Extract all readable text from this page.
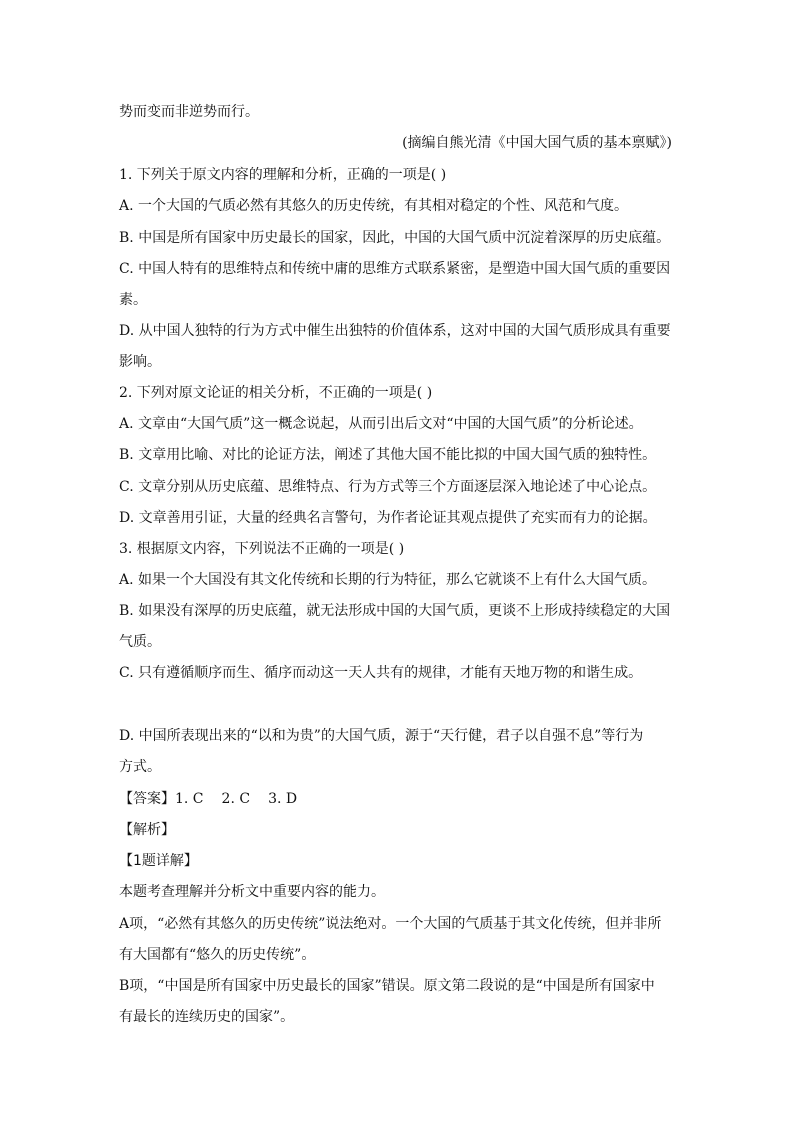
势而变而非逆势而行。
(摘编自熊光清《中国大国气质的基本禀赋》)
1. 下列关于原文内容的理解和分析，正确的一项是( )
A. 一个大国的气质必然有其悠久的历史传统，有其相对稳定的个性、风范和气度。
B. 中国是所有国家中历史最长的国家，因此，中国的大国气质中沉淀着深厚的历史底蕴。
C. 中国人特有的思维特点和传统中庸的思维方式联系紧密，是塑造中国大国气质的重要因
素。
D. 从中国人独特的行为方式中催生出独特的价值体系，这对中国的大国气质形成具有重要
影响。
2. 下列对原文论证的相关分析，不正确的一项是( )
A. 文章由“大国气质”这一概念说起，从而引出后文对“中国的大国气质”的分析论述。
B. 文章用比喻、对比的论证方法，阐述了其他大国不能比拟的中国大国气质的独特性。
C. 文章分别从历史底蕴、思维特点、行为方式等三个方面逐层深入地论述了中心论点。
D. 文章善用引证，大量的经典名言警句，为作者论证其观点提供了充实而有力的论据。
3. 根据原文内容，下列说法不正确的一项是( )
A. 如果一个大国没有其文化传统和长期的行为特征，那么它就谈不上有什么大国气质。
B. 如果没有深厚的历史底蕴，就无法形成中国的大国气质，更谈不上形成持续稳定的大国
气质。
C. 只有遵循顺序而生、循序而动这一天人共有的规律，才能有天地万物的和谐生成。
D. 中国所表现出来的“以和为贵”的大国气质，源于“天行健，君子以自强不息”等行为
方式。
【答案】1. C 2. C 3. D
【解析】
【1题详解】
本题考查理解并分析文中重要内容的能力。
A项，“必然有其悠久的历史传统”说法绝对。一个大国的气质基于其文化传统，但并非所
有大国都有“悠久的历史传统”。
B项，“中国是所有国家中历史最长的国家”错误。原文第二段说的是“中国是所有国家中
有最长的连续历史的国家”。
